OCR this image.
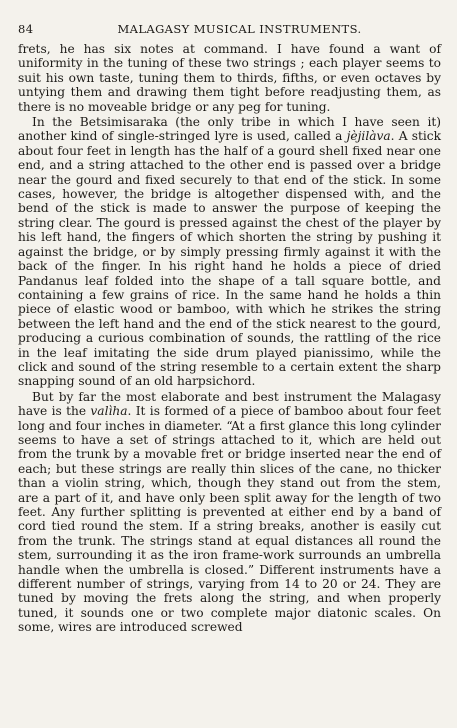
84	MALAGASY MUSICAL INSTRUMENTS.

frets, he has six notes at command. I have found a want of uniformity in the tuning of these two strings ; each player seems to suit his own taste, tuning them to thirds, fifths, or even octaves by untying them and drawing them tight before readjusting them, as there is no moveable bridge or any peg for tuning.

In the Betsimisaraka (the only tribe in which I have seen it) another kind of single-stringed lyre is used, called a jèjilàva. A stick about four feet in length has the half of a gourd shell fixed near one end, and a string attached to the other end is passed over a bridge near the gourd and fixed securely to that end of the stick. In some cases, however, the bridge is altogether dispensed with, and the bend of the stick is made to answer the purpose of keeping the string clear. The gourd is pressed against the chest of the player by his left hand, the fingers of which shorten the string by pushing it against the bridge, or by simply pressing firmly against it with the back of the finger. In his right hand he holds a piece of dried Pandanus leaf folded into the shape of a tall square bottle, and containing a few grains of rice. In the same hand he holds a thin piece of elastic wood or bamboo, with which he strikes the string between the left hand and the end of the stick nearest to the gourd, producing a curious combination of sounds, the rattling of the rice in the leaf imitating the side drum played pianissimo, while the click and sound of the string resemble to a certain extent the sharp snapping sound of an old harpsichord.

But by far the most elaborate and best instrument the Malagasy have is the valìha. It is formed of a piece of bamboo about four feet long and four inches in diameter. “At a first glance this long cylinder seems to have a set of strings attached to it, which are held out from the trunk by a movable fret or bridge inserted near the end of each; but these strings are really thin slices of the cane, no thicker than a violin string, which, though they stand out from the stem, are a part of it, and have only been split away for the length of two feet. Any further splitting is prevented at either end by a band of cord tied round the stem. If a string breaks, another is easily cut from the trunk. The strings stand at equal distances all round the stem, surrounding it as the iron frame-work surrounds an umbrella handle when the umbrella is closed.” Different instruments have a different number of strings, varying from 14 to 20 or 24. They are tuned by moving the frets along the string, and when properly tuned, it sounds one or two complete major diatonic scales. On some, wires are introduced screwed
